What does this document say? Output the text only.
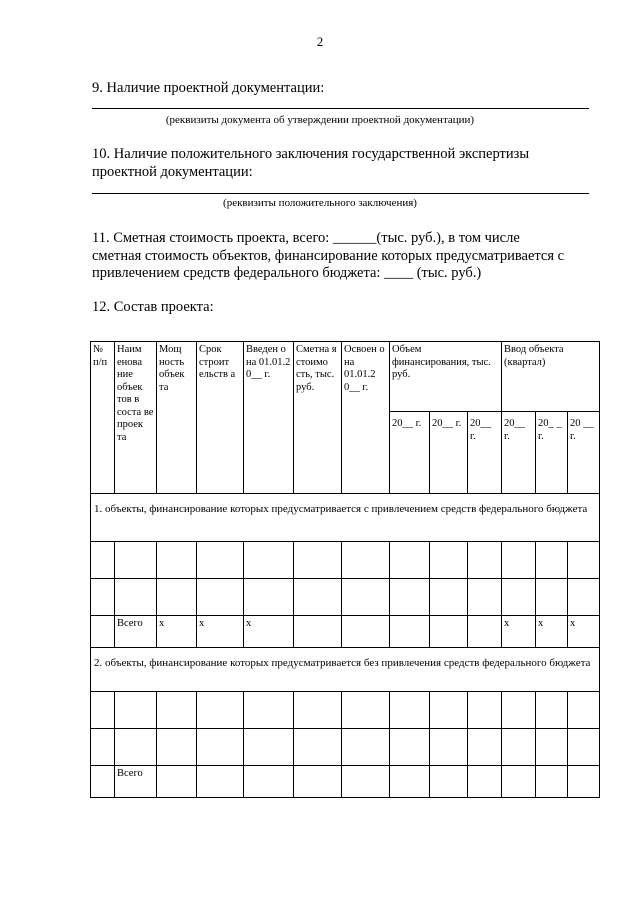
2
9. Наличие проектной документации:
(реквизиты документа об утверждении проектной документации)
10. Наличие положительного заключения государственной экспертизы
проектной документации:
(реквизиты положительного заключения)
11. Сметная стоимость проекта, всего: ______(тыс. руб.), в том числе
сметная стоимость объектов, финансирование которых предусматривается с
привлечением средств федерального бюджета: ____ (тыс. руб.)
12. Состав проекта:
№ п/п	Наим енова ние объек тов в соста ве проек та	Мощ ность объек та	Срок строит ельств а	Введен о на 01.01.2 0__ г.	Сметна я стоимо сть, тыс. руб.	Освоен о на 01.01.2 0__ г.	Объем финансирования, тыс. руб.			Ввод объекта (квартал)		
							20__ г.	20__ г.	20__ г.	20__ г.	20_ _ г.	20 __ г.
1. объекты, финансирование которых предусматривается с привлечением средств федерального бюджета												

	Всего	x	x	x						x	x	x
2. объекты, финансирование которых предусматривается без привлечения средств федерального бюджета												

	Всего											
